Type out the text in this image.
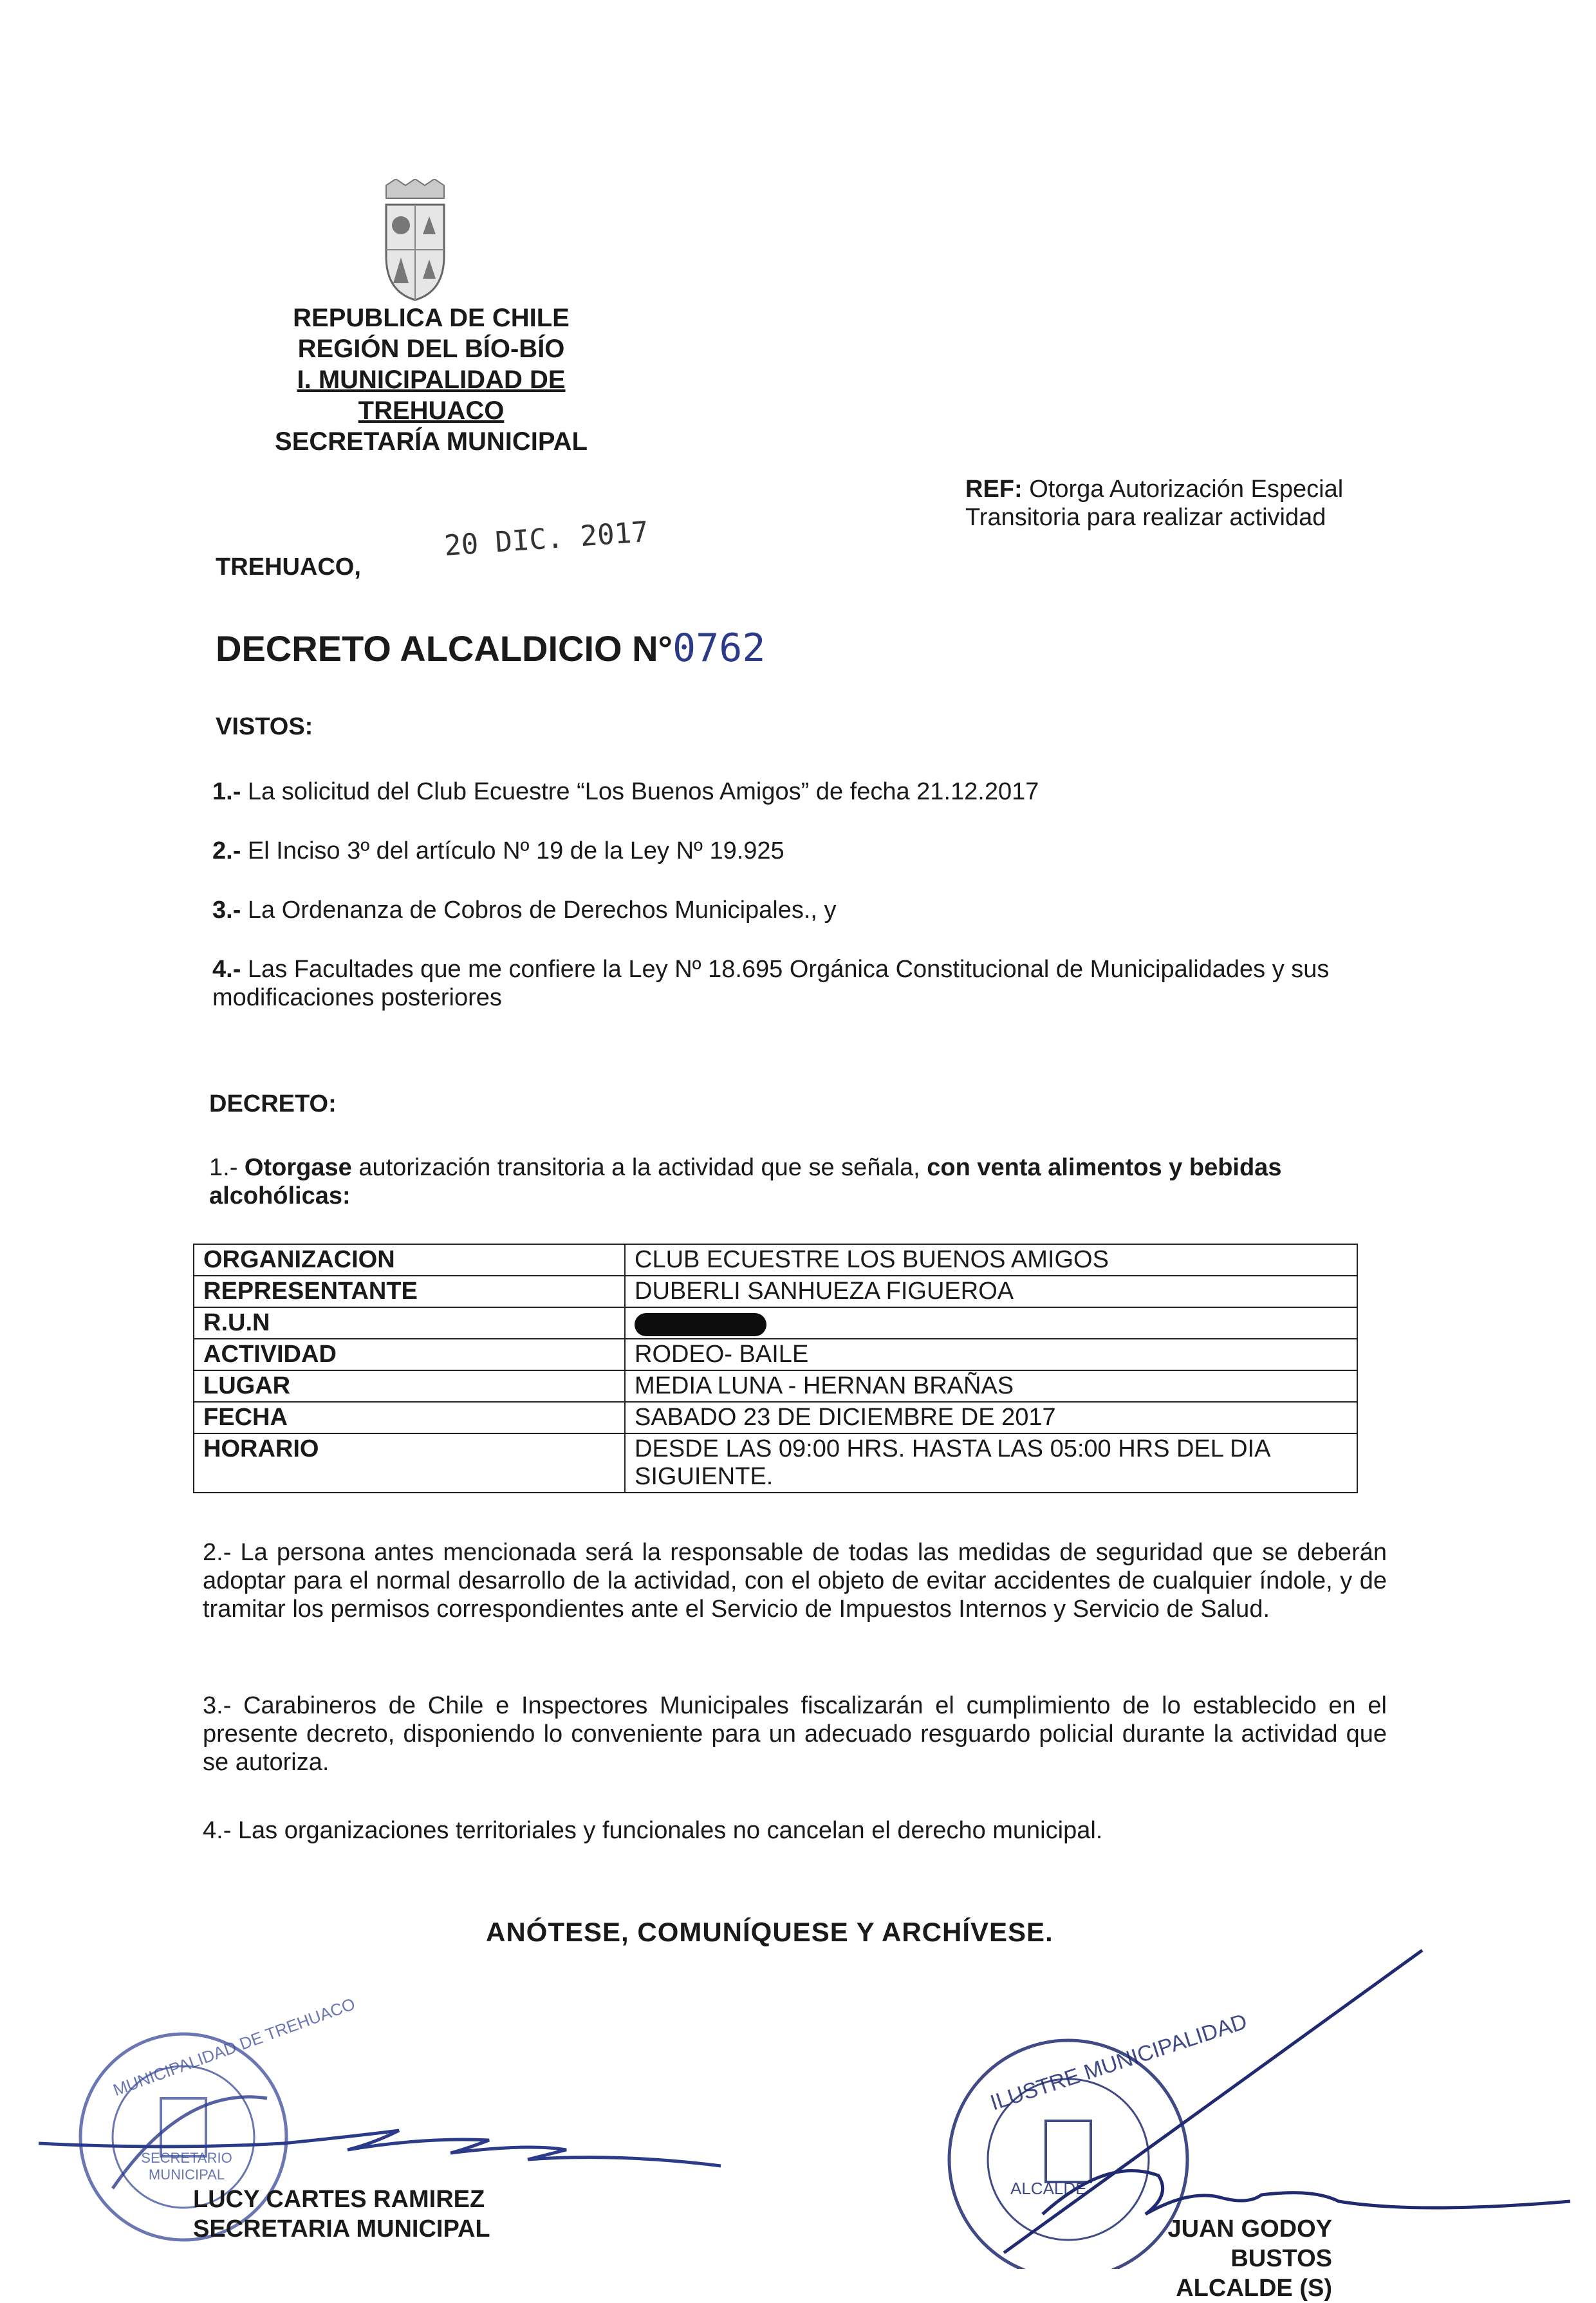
REPUBLICA DE CHILE
REGIÓN DEL BÍO-BÍO
I. MUNICIPALIDAD DE TREHUACO
SECRETARÍA MUNICIPAL
REF: Otorga Autorización Especial
Transitoria para realizar actividad
TREHUACO,
20 DIC. 2017
DECRETO ALCALDICIO N°0762
VISTOS:
1.- La solicitud del Club Ecuestre “Los Buenos Amigos” de fecha 21.12.2017
2.- El Inciso 3º del artículo Nº 19 de la Ley Nº 19.925
3.- La Ordenanza de Cobros de Derechos Municipales., y
4.- Las Facultades que me confiere la Ley Nº 18.695 Orgánica Constitucional de Municipalidades y sus modificaciones posteriores
DECRETO:
1.- Otorgase autorización transitoria a la actividad que se señala, con venta alimentos y bebidas alcohólicas:
ORGANIZACION	CLUB ECUESTRE LOS BUENOS AMIGOS
REPRESENTANTE	DUBERLI SANHUEZA FIGUEROA
R.U.N	15.172.319-8
ACTIVIDAD	RODEO- BAILE
LUGAR	MEDIA LUNA - HERNAN BRAÑAS
FECHA	SABADO 23 DE DICIEMBRE DE 2017
HORARIO	DESDE LAS 09:00 HRS. HASTA LAS 05:00 HRS DEL DIA SIGUIENTE.
2.- La persona antes mencionada será la responsable de todas las medidas de seguridad que se deberán adoptar para el normal desarrollo de la actividad, con el objeto de evitar accidentes de cualquier índole, y de tramitar los permisos correspondientes ante el Servicio de Impuestos Internos y Servicio de Salud.
3.- Carabineros de Chile e Inspectores Municipales fiscalizarán el cumplimiento de lo establecido en el presente decreto, disponiendo lo conveniente para un adecuado resguardo policial durante la actividad que se autoriza.
4.- Las organizaciones territoriales y funcionales no cancelan el derecho municipal.
ANÓTESE, COMUNÍQUESE Y ARCHÍVESE.
MUNICIPALIDAD DE TREHUACO
SECRETARIO MUNICIPAL
LUCY CARTES RAMIREZ
SECRETARIA MUNICIPAL
ILUSTRE MUNICIPALIDAD
ALCALDE
JUAN GODOY BUSTOS
ALCALDE (S)
